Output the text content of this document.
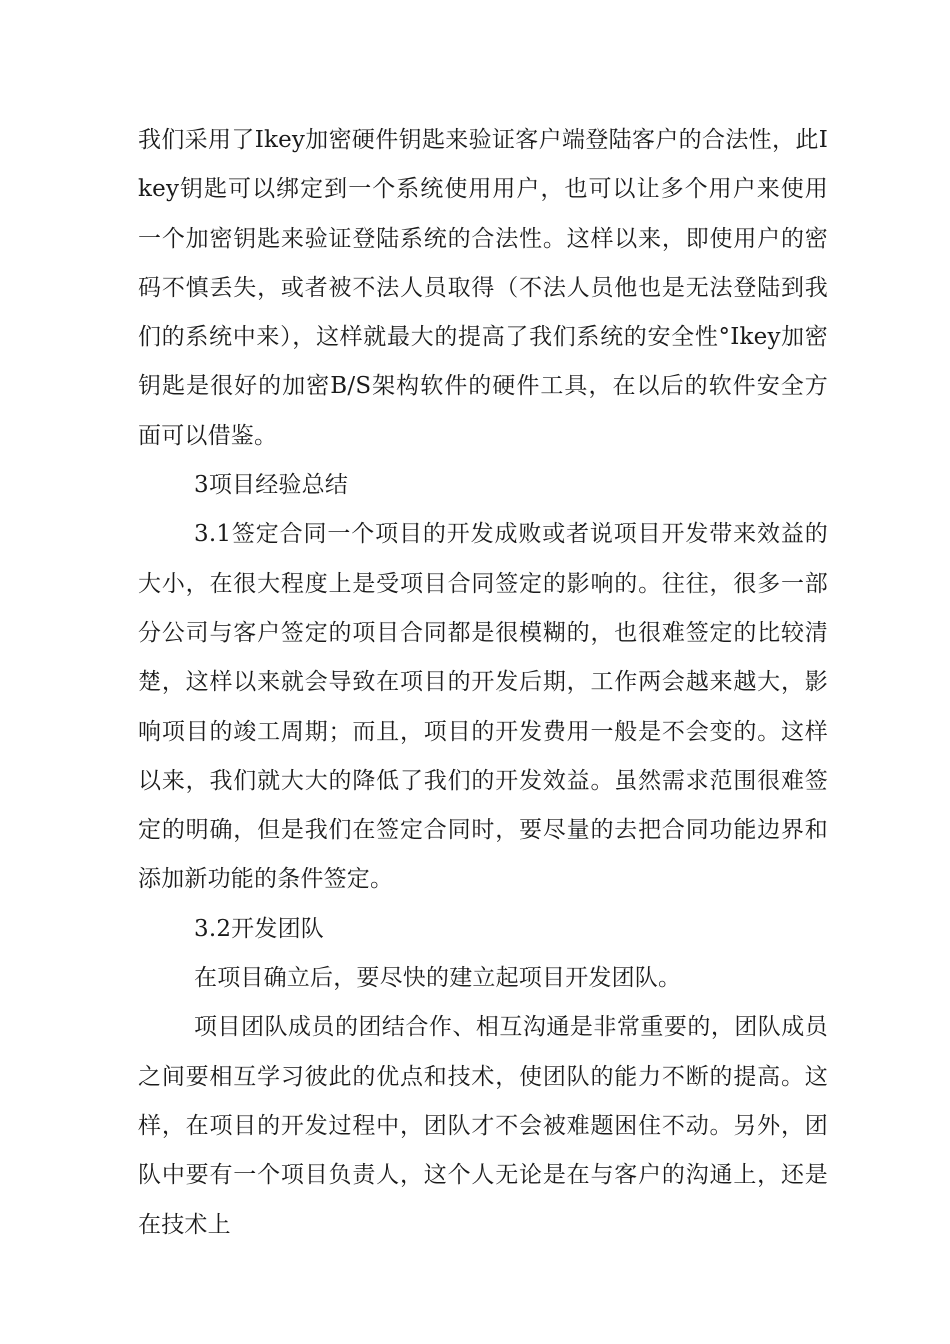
我们采用了Ikey加密硬件钥匙来验证客户端登陆客户的合法性，此Ikey钥匙可以绑定到一个系统使用用户，也可以让多个用户来使用一个加密钥匙来验证登陆系统的合法性。这样以来，即使用户的密码不慎丢失，或者被不法人员取得（不法人员他也是无法登陆到我们的系统中来），这样就最大的提高了我们系统的安全性°Ikey加密钥匙是很好的加密B/S架构软件的硬件工具，在以后的软件安全方面可以借鉴。

3项目经验总结

3.1签定合同一个项目的开发成败或者说项目开发带来效益的大小，在很大程度上是受项目合同签定的影响的。往往，很多一部分公司与客户签定的项目合同都是很模糊的，也很难签定的比较清楚，这样以来就会导致在项目的开发后期，工作两会越来越大，影响项目的竣工周期；而且，项目的开发费用一般是不会变的。这样以来，我们就大大的降低了我们的开发效益。虽然需求范围很难签定的明确，但是我们在签定合同时，要尽量的去把合同功能边界和添加新功能的条件签定。

3.2开发团队

在项目确立后，要尽快的建立起项目开发团队。

项目团队成员的团结合作、相互沟通是非常重要的，团队成员之间要相互学习彼此的优点和技术，使团队的能力不断的提高。这样，在项目的开发过程中，团队才不会被难题困住不动。另外，团队中要有一个项目负责人，这个人无论是在与客户的沟通上，还是在技术上
